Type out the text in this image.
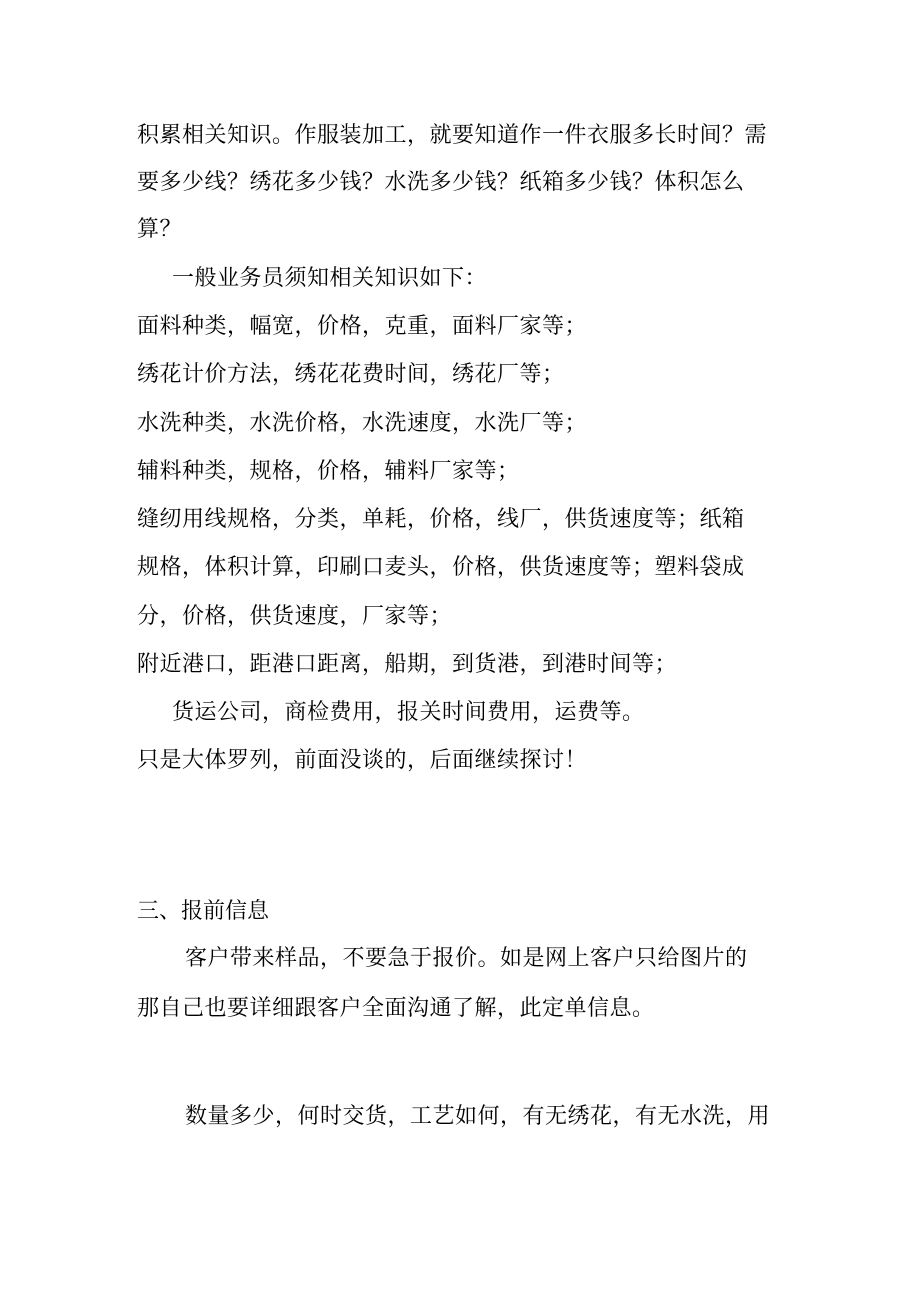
积累相关知识。作服装加工，就要知道作一件衣服多长时间？需
要多少线？绣花多少钱？水洗多少钱？纸箱多少钱？体积怎么
算？
一般业务员须知相关知识如下：
面料种类，幅宽，价格，克重，面料厂家等；
绣花计价方法，绣花花费时间，绣花厂等；
水洗种类，水洗价格，水洗速度，水洗厂等；
辅料种类，规格，价格，辅料厂家等；
缝纫用线规格，分类，单耗，价格，线厂，供货速度等；纸箱
规格，体积计算，印刷口麦头，价格，供货速度等；塑料袋成
分，价格，供货速度，厂家等；
附近港口，距港口距离，船期，到货港，到港时间等；
货运公司，商检费用，报关时间费用，运费等。
只是大体罗列，前面没谈的，后面继续探讨！
三、报前信息
客户带来样品，不要急于报价。如是网上客户只给图片的
那自己也要详细跟客户全面沟通了解，此定单信息。
数量多少，何时交货，工艺如何，有无绣花，有无水洗，用
